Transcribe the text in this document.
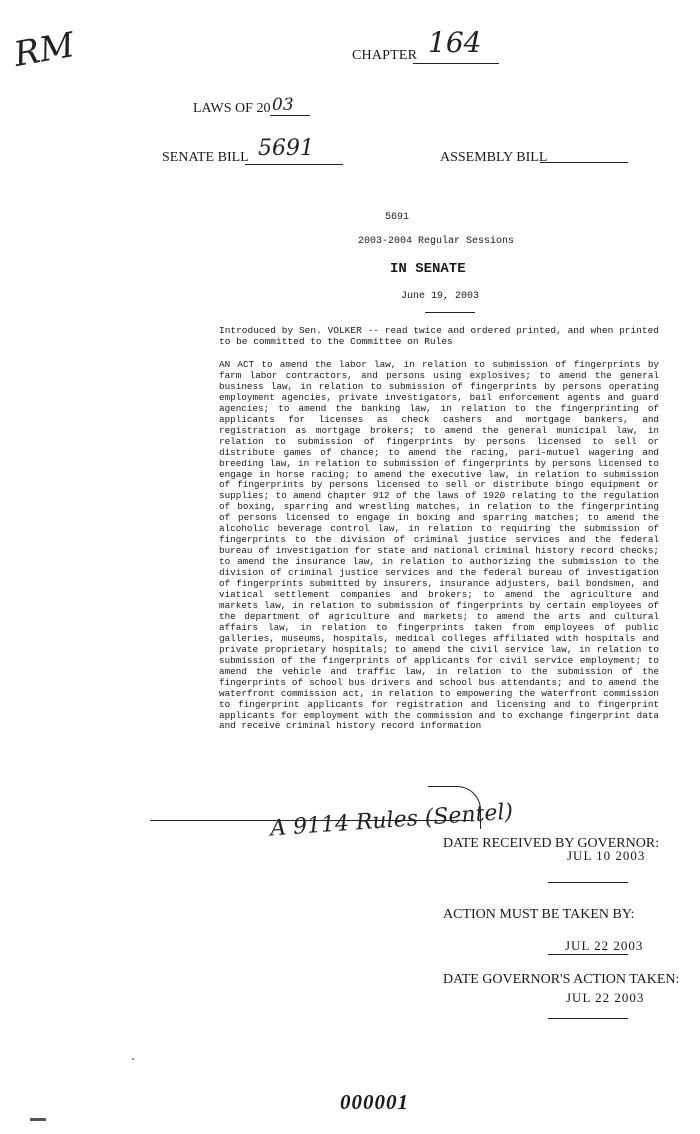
RM	CHAPTER 164
LAWS OF 20 03
SENATE BILL 5691	ASSEMBLY BILL
5691
2003-2004 Regular Sessions
IN SENATE
June 19, 2003
Introduced by Sen. VOLKER -- read twice and ordered printed, and when printed to be committed to the Committee on Rules
AN ACT to amend the labor law, in relation to submission of fingerprints by farm labor contractors, and persons using explosives; to amend the general business law, in relation to submission of fingerprints by persons operating employment agencies, private investigators, bail enforcement agents and guard agencies; to amend the banking law, in relation to the fingerprinting of applicants for licenses as check cashers and mortgage bankers, and registration as mortgage brokers; to amend the general municipal law, in relation to submission of fingerprints by persons licensed to sell or distribute games of chance; to amend the racing, pari-mutuel wagering and breeding law, in relation to submission of fingerprints by persons licensed to engage in horse racing; to amend the executive law, in relation to submission of fingerprints by persons licensed to sell or distribute bingo equipment or supplies; to amend chapter 912 of the laws of 1920 relating to the regulation of boxing, sparring and wrestling matches, in relation to the fingerprinting of persons licensed to engage in boxing and sparring matches; to amend the alcoholic beverage control law, in relation to requiring the submission of fingerprints to the division of criminal justice services and the federal bureau of investigation for state and national criminal history record checks; to amend the insurance law, in relation to authorizing the submission to the division of criminal justice services and the federal bureau of investigation of fingerprints submitted by insurers, insurance adjusters, bail bondsmen, and viatical settlement companies and brokers; to amend the agriculture and markets law, in relation to submission of fingerprints by certain employees of the department of agriculture and markets; to amend the arts and cultural affairs law, in relation to fingerprints taken from employees of public galleries, museums, hospitals, medical colleges affiliated with hospitals and private proprietary hospitals; to amend the civil service law, in relation to submission of the fingerprints of applicants for civil service employment; to amend the vehicle and traffic law, in relation to the submission of the fingerprints of school bus drivers and school bus attendants; and to amend the waterfront commission act, in relation to empowering the waterfront commission to fingerprint applicants for registration and licensing and to fingerprint applicants for employment with the commission and to exchange fingerprint data and receive criminal history record information
A 9114 Rules (Sentel)
DATE RECEIVED BY GOVERNOR:
JUL 10 2003
ACTION MUST BE TAKEN BY:
JUL 22 2003
DATE GOVERNOR'S ACTION TAKEN:
JUL 22 2003
000001
